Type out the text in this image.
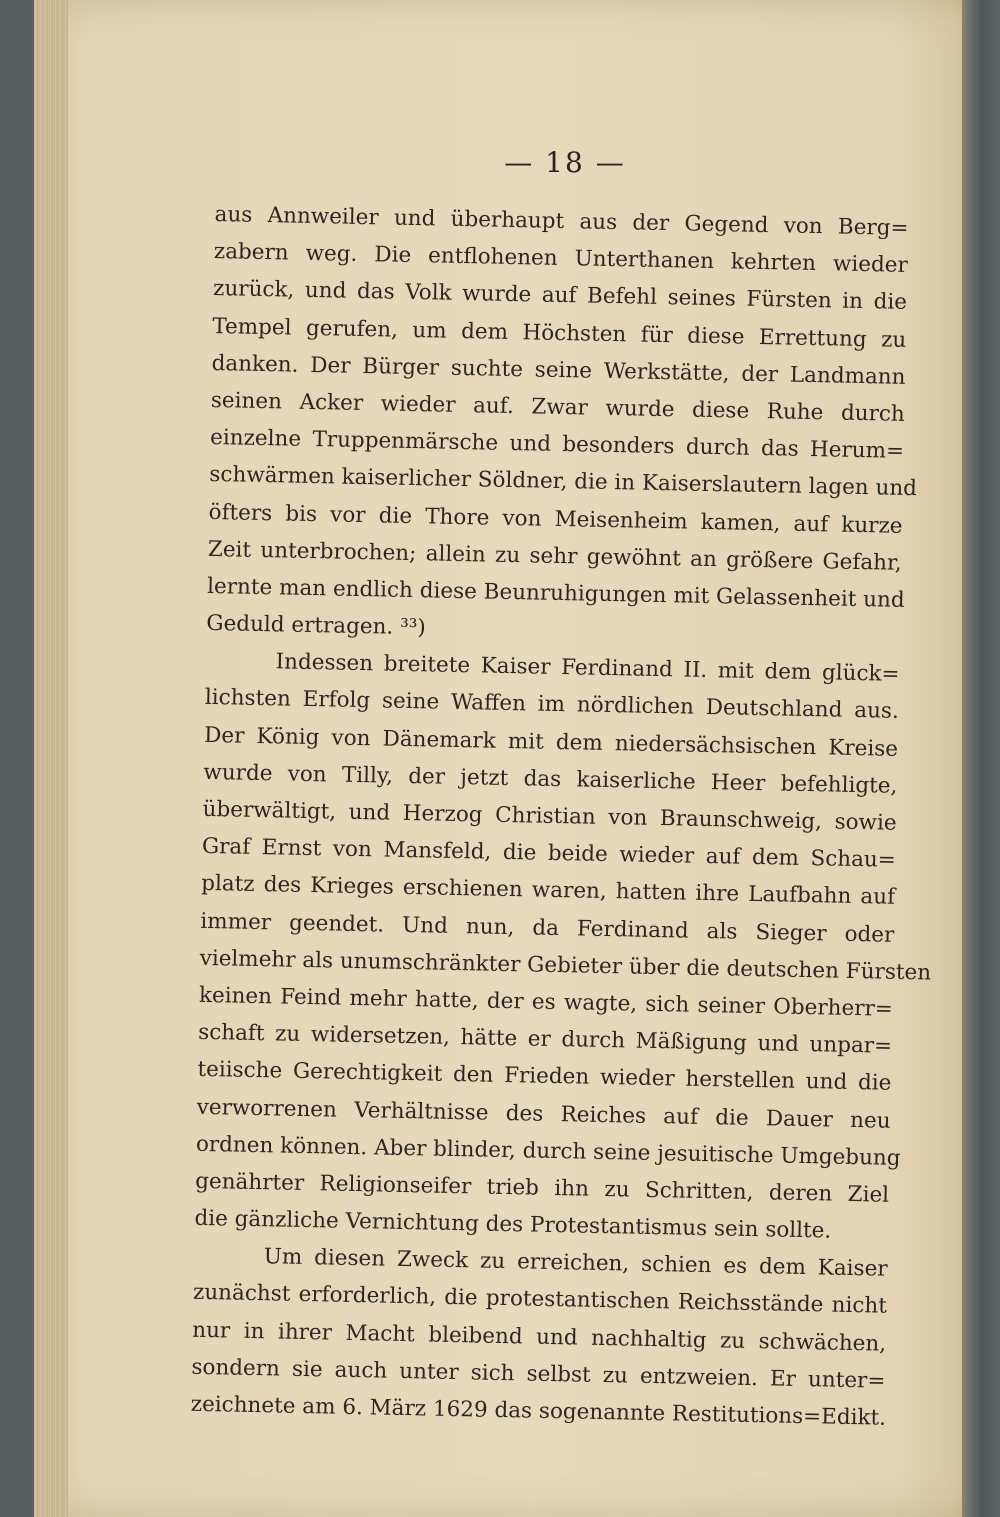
— 18 —
aus Annweiler und überhaupt aus der Gegend von Berg=
zabern weg. Die entflohenen Unterthanen kehrten wieder
zurück, und das Volk wurde auf Befehl seines Fürsten in die
Tempel gerufen, um dem Höchsten für diese Errettung zu
danken. Der Bürger suchte seine Werkstätte, der Landmann
seinen Acker wieder auf. Zwar wurde diese Ruhe durch
einzelne Truppenmärsche und besonders durch das Herum=
schwärmen kaiserlicher Söldner, die in Kaiserslautern lagen und
öfters bis vor die Thore von Meisenheim kamen, auf kurze
Zeit unterbrochen; allein zu sehr gewöhnt an größere Gefahr,
lernte man endlich diese Beunruhigungen mit Gelassenheit und
Geduld ertragen. ³³)
Indessen breitete Kaiser Ferdinand II. mit dem glück=
lichsten Erfolg seine Waffen im nördlichen Deutschland aus.
Der König von Dänemark mit dem niedersächsischen Kreise
wurde von Tilly, der jetzt das kaiserliche Heer befehligte,
überwältigt, und Herzog Christian von Braunschweig, sowie
Graf Ernst von Mansfeld, die beide wieder auf dem Schau=
platz des Krieges erschienen waren, hatten ihre Laufbahn auf
immer geendet. Und nun, da Ferdinand als Sieger oder
vielmehr als unumschränkter Gebieter über die deutschen Fürsten
keinen Feind mehr hatte, der es wagte, sich seiner Oberherr=
schaft zu widersetzen, hätte er durch Mäßigung und unpar=
teiische Gerechtigkeit den Frieden wieder herstellen und die
verworrenen Verhältnisse des Reiches auf die Dauer neu
ordnen können. Aber blinder, durch seine jesuitische Umgebung
genährter Religionseifer trieb ihn zu Schritten, deren Ziel
die gänzliche Vernichtung des Protestantismus sein sollte.
Um diesen Zweck zu erreichen, schien es dem Kaiser
zunächst erforderlich, die protestantischen Reichsstände nicht
nur in ihrer Macht bleibend und nachhaltig zu schwächen,
sondern sie auch unter sich selbst zu entzweien. Er unter=
zeichnete am 6. März 1629 das sogenannte Restitutions=Edikt.
